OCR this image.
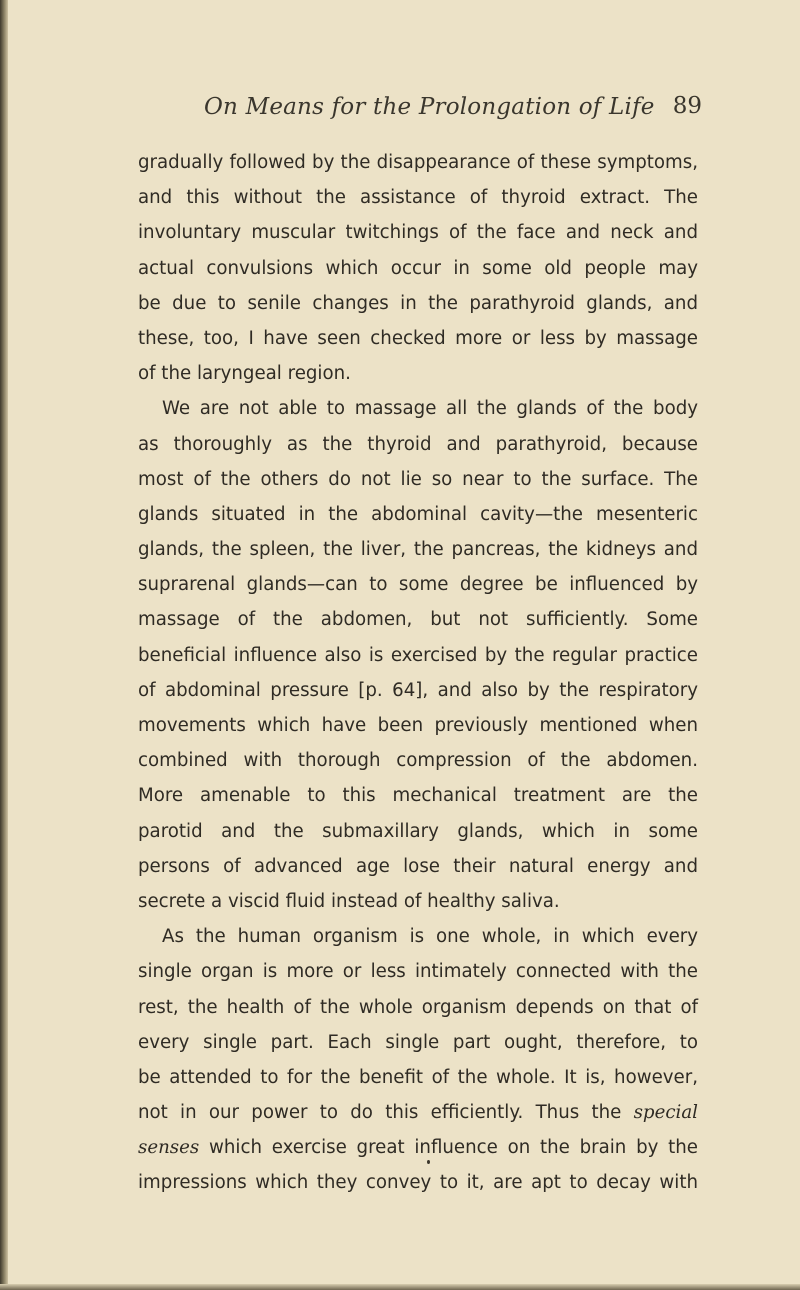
On Means for the Prolongation of Life 89
gradually followed by the disappearance of these symptoms,
and this without the assistance of thyroid extract. The
involuntary muscular twitchings of the face and neck and
actual convulsions which occur in some old people may
be due to senile changes in the parathyroid glands, and
these, too, I have seen checked more or less by massage
of the laryngeal region.
We are not able to massage all the glands of the body
as thoroughly as the thyroid and parathyroid, because
most of the others do not lie so near to the surface. The
glands situated in the abdominal cavity—the mesenteric
glands, the spleen, the liver, the pancreas, the kidneys and
suprarenal glands—can to some degree be influenced by
massage of the abdomen, but not sufficiently. Some
beneficial influence also is exercised by the regular practice
of abdominal pressure [p. 64], and also by the respiratory
movements which have been previously mentioned when
combined with thorough compression of the abdomen.
More amenable to this mechanical treatment are the
parotid and the submaxillary glands, which in some
persons of advanced age lose their natural energy and
secrete a viscid fluid instead of healthy saliva.
As the human organism is one whole, in which every
single organ is more or less intimately connected with the
rest, the health of the whole organism depends on that of
every single part. Each single part ought, therefore, to
be attended to for the benefit of the whole. It is, however,
not in our power to do this efficiently. Thus the special
senses which exercise great influence on the brain by the
impressions which they convey to it, are apt to decay with
